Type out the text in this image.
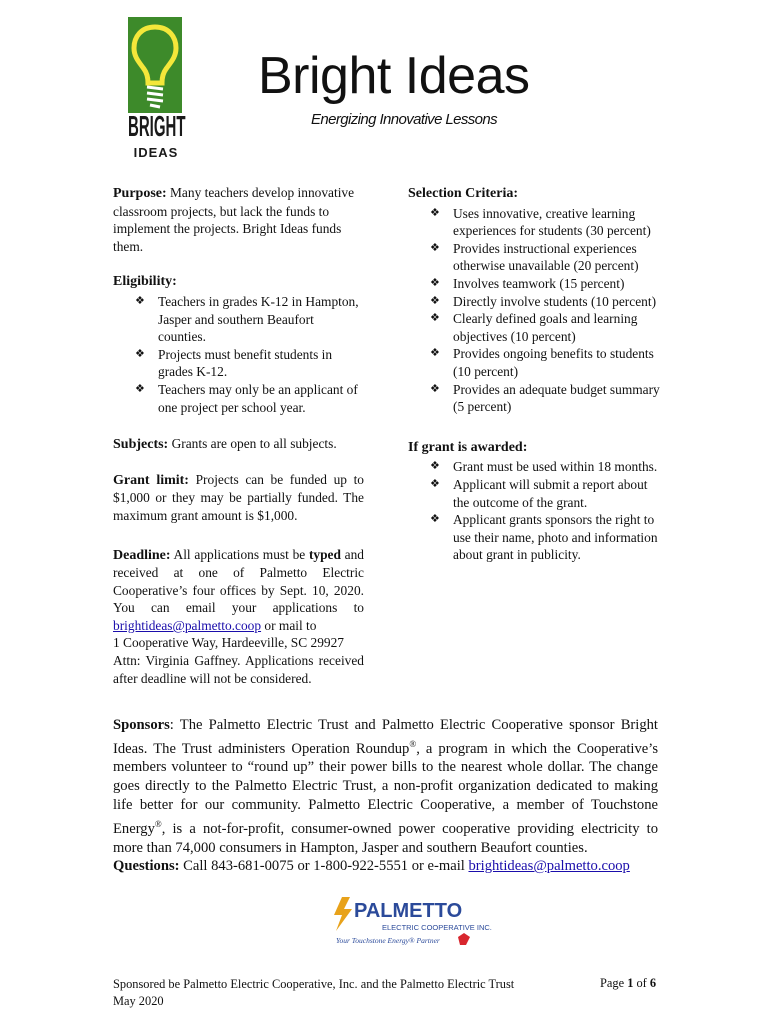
BRIGHT
IDEAS
Bright Ideas
Energizing Innovative Lessons

Purpose: Many teachers develop innovative classroom projects, but lack the funds to implement the projects. Bright Ideas funds them.

Eligibility:

❖ Teachers in grades K-12 in Hampton, Jasper and southern Beaufort counties.
❖ Projects must benefit students in grades K-12.
❖ Teachers may only be an applicant of one project per school year.

Subjects: Grants are open to all subjects.

Grant limit: Projects can be funded up to $1,000 or they may be partially funded. The maximum grant amount is $1,000.

Deadline: All applications must be typed and received at one of Palmetto Electric Cooperative’s four offices by Sept. 10, 2020. You can email your applications to brightideas@palmetto.coop or mail to
1 Cooperative Way, Hardeeville, SC 29927
Attn: Virginia Gaffney. Applications received after deadline will not be considered.

Selection Criteria:

❖ Uses innovative, creative learning experiences for students (30 percent)
❖ Provides instructional experiences otherwise unavailable (20 percent)
❖ Involves teamwork (15 percent)
❖ Directly involve students (10 percent)
❖ Clearly defined goals and learning objectives (10 percent)
❖ Provides ongoing benefits to students (10 percent)
❖ Provides an adequate budget summary (5 percent)

If grant is awarded:

❖ Grant must be used within 18 months.
❖ Applicant will submit a report about the outcome of the grant.
❖ Applicant grants sponsors the right to use their name, photo and information about grant in publicity.
Sponsors: The Palmetto Electric Trust and Palmetto Electric Cooperative sponsor Bright Ideas. The Trust administers Operation Roundup®, a program in which the Cooperative’s members volunteer to “round up” their power bills to the nearest whole dollar. The change goes directly to the Palmetto Electric Trust, a non-profit organization dedicated to making life better for our community. Palmetto Electric Cooperative, a member of Touchstone Energy®, is a not-for-profit, consumer-owned power cooperative providing electricity to more than 74,000 consumers in Hampton, Jasper and southern Beaufort counties.
Questions: Call 843-681-0075 or 1-800-922-5551 or e-mail brightideas@palmetto.coop
PALMETTO
ELECTRIC COOPERATIVE INC.
Your Touchstone Energy® Partner
Sponsored be Palmetto Electric Cooperative, Inc. and the Palmetto Electric Trust
May 2020
Page 1 of 6
